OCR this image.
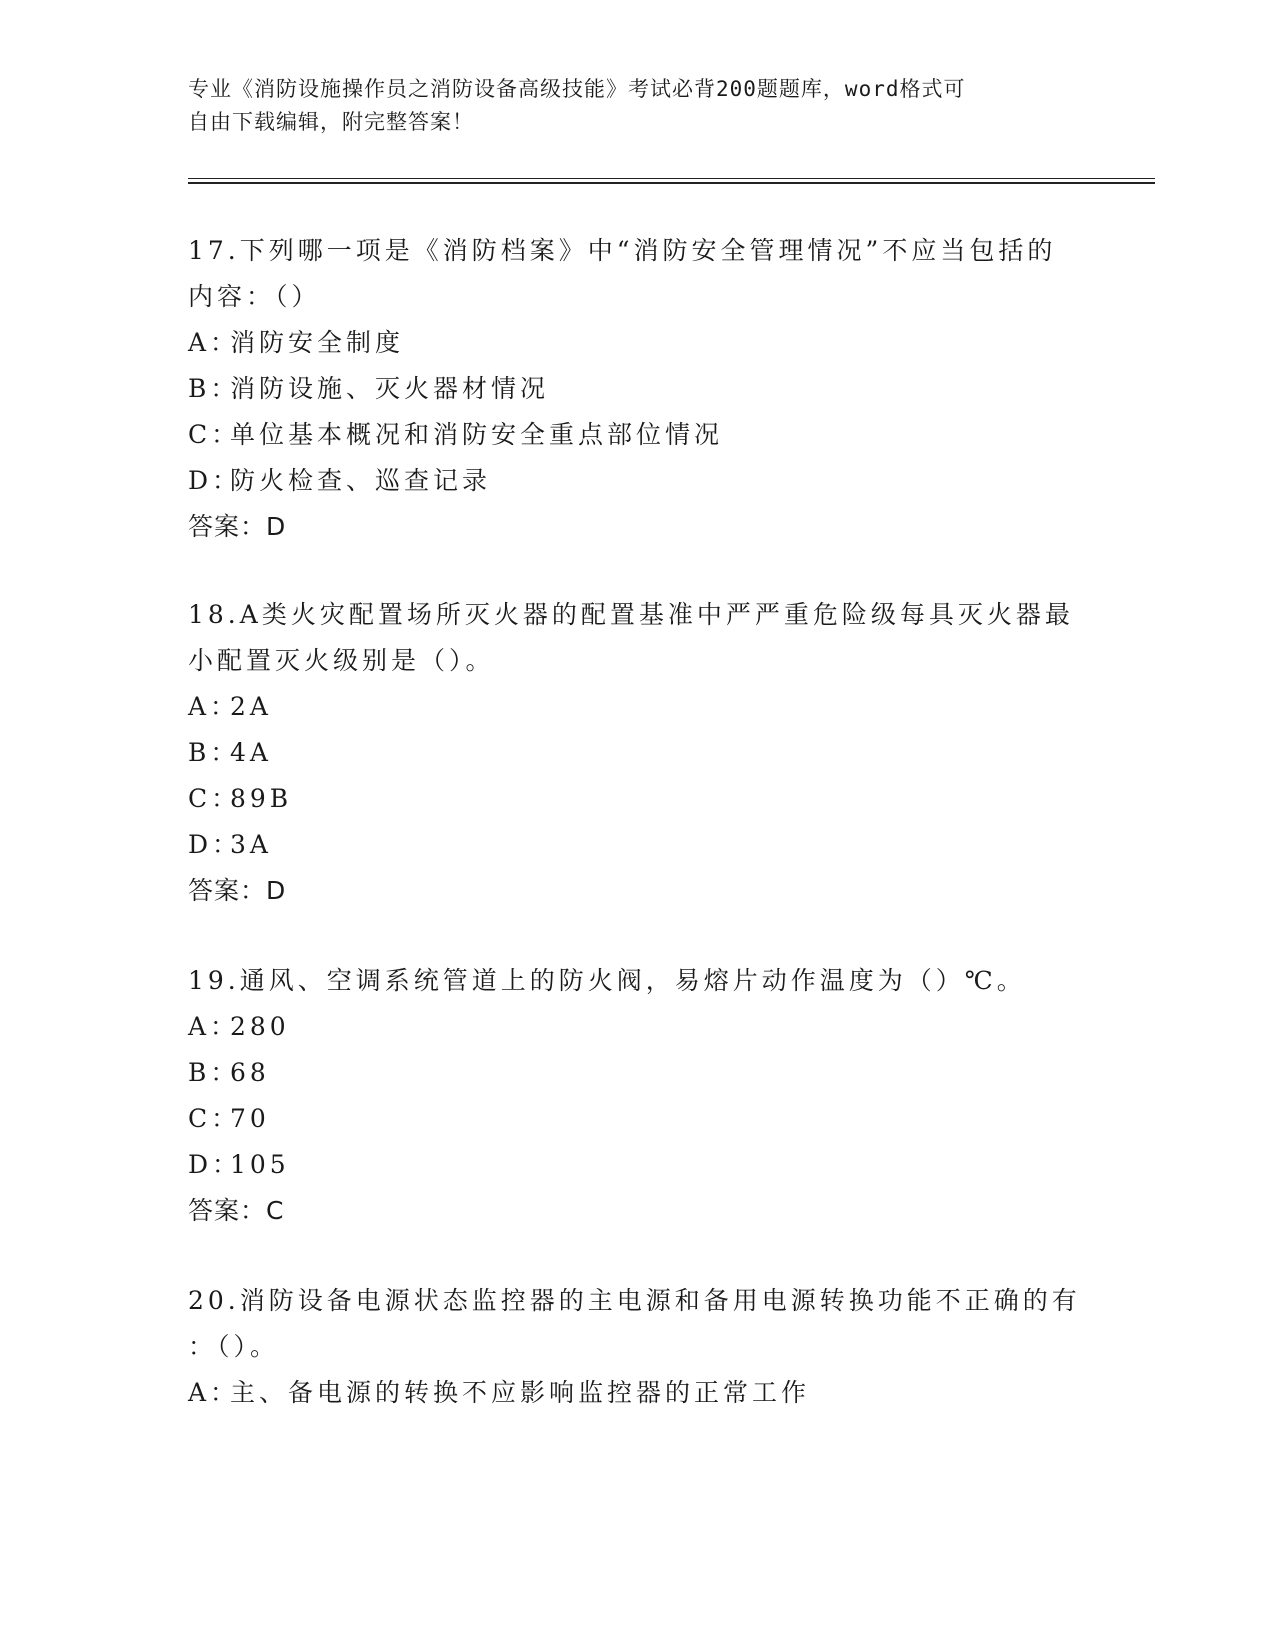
专业《消防设施操作员之消防设备高级技能》考试必背200题题库，word格式可
自由下载编辑，附完整答案！
17.下列哪一项是《消防档案》中“消防安全管理情况”不应当包括的
内容：（）
A：消防安全制度
B：消防设施、灭火器材情况
C：单位基本概况和消防安全重点部位情况
D：防火检查、巡查记录
答案：D
18.A类火灾配置场所灭火器的配置基准中严严重危险级每具灭火器最
小配置灭火级别是（）。
A：2A
B：4A
C：89B
D：3A
答案：D
19.通风、空调系统管道上的防火阀，易熔片动作温度为（）℃。
A：280
B：68
C：70
D：105
答案：C
20.消防设备电源状态监控器的主电源和备用电源转换功能不正确的有
：（）。
A：主、备电源的转换不应影响监控器的正常工作
